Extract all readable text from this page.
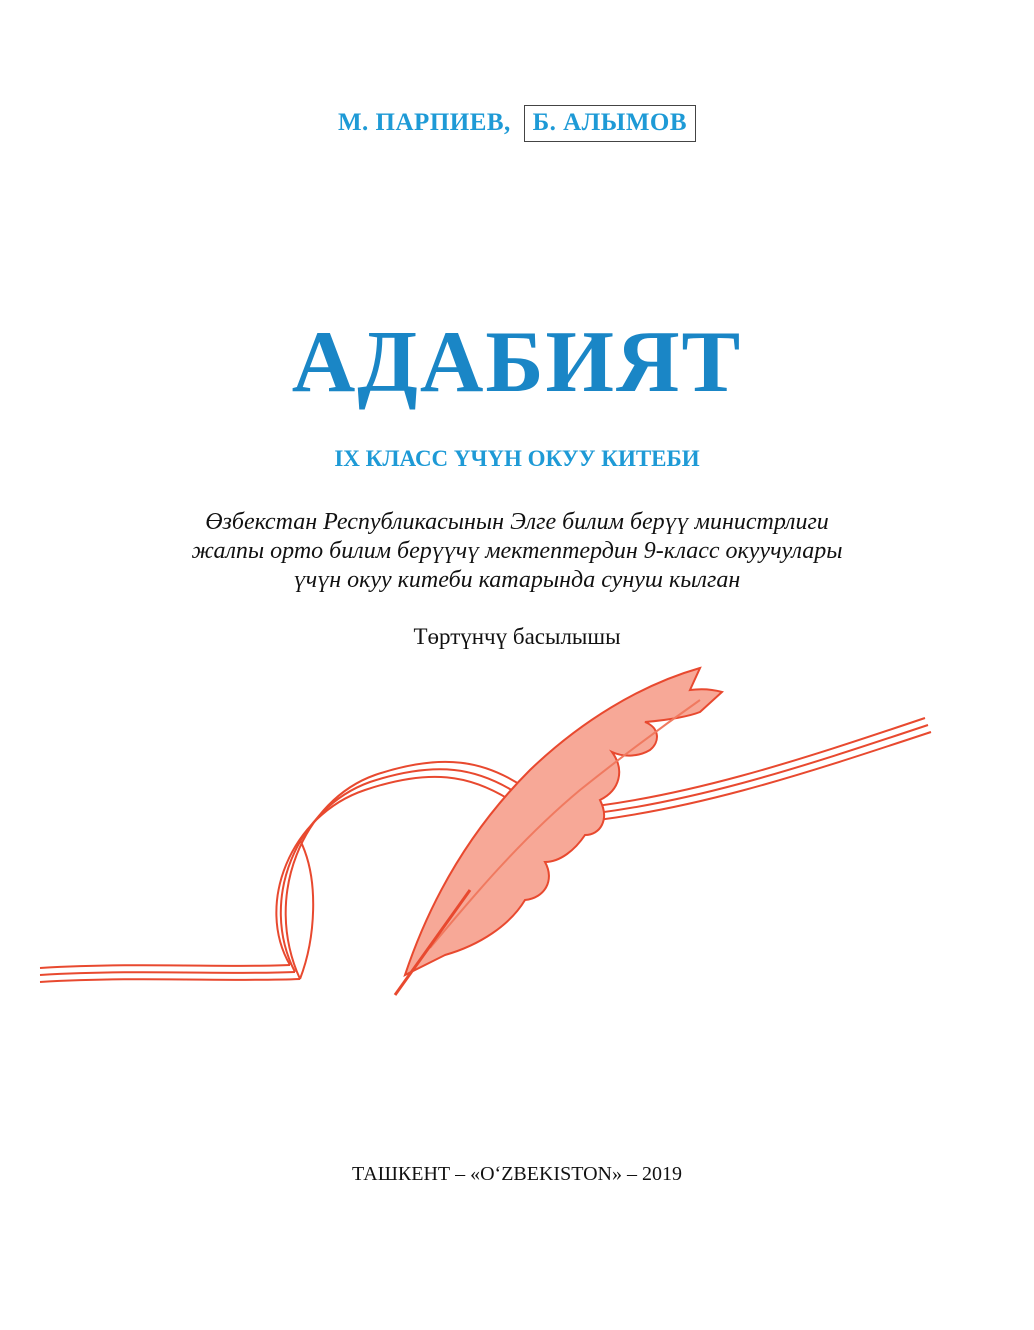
М. ПАРПИЕВ, Б. АЛЫМОВ
АДАБИЯТ
IX КЛАСС ҮЧҮН ОКУУ КИТЕБИ
Өзбекстан Республикасынын Элге билим берүү министрлиги
жалпы орто билим берүүчү мектептердин 9-класс окуучулары
үчүн окуу китеби катарында сунуш кылган
Төртүнчү басылышы
ТАШКЕНТ – «O‘ZBEKISTON» – 2019
